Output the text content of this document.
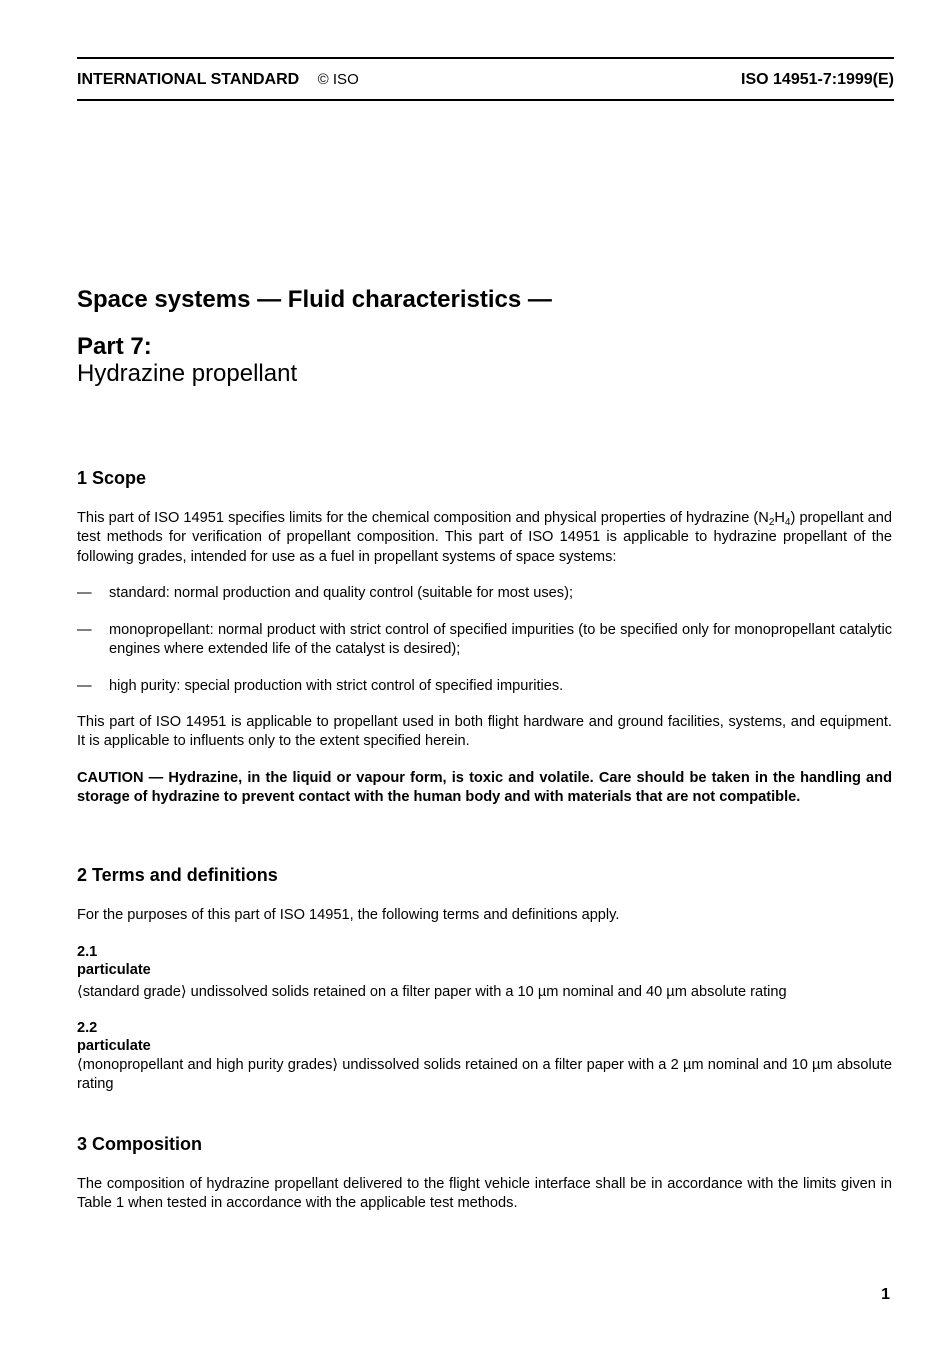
INTERNATIONAL STANDARD © ISO	ISO 14951-7:1999(E)
Space systems — Fluid characteristics —
Part 7:
Hydrazine propellant
1 Scope
This part of ISO 14951 specifies limits for the chemical composition and physical properties of hydrazine $(N_2H_4)$ propellant and test methods for verification of propellant composition. This part of ISO 14951 is applicable to hydrazine propellant of the following grades, intended for use as a fuel in propellant systems of space systems:
— standard: normal production and quality control (suitable for most uses);
— monopropellant: normal product with strict control of specified impurities (to be specified only for monopropellant catalytic engines where extended life of the catalyst is desired);
— high purity: special production with strict control of specified impurities.
This part of ISO 14951 is applicable to propellant used in both flight hardware and ground facilities, systems, and equipment. It is applicable to influents only to the extent specified herein.
CAUTION — Hydrazine, in the liquid or vapour form, is toxic and volatile. Care should be taken in the handling and storage of hydrazine to prevent contact with the human body and with materials that are not compatible.
2 Terms and definitions
For the purposes of this part of ISO 14951, the following terms and definitions apply.
2.1
particulate
⟨standard grade⟩ undissolved solids retained on a filter paper with a 10 µm nominal and 40 µm absolute rating
2.2
particulate
⟨monopropellant and high purity grades⟩ undissolved solids retained on a filter paper with a 2 µm nominal and 10 µm absolute rating
3 Composition
The composition of hydrazine propellant delivered to the flight vehicle interface shall be in accordance with the limits given in Table 1 when tested in accordance with the applicable test methods.
1
